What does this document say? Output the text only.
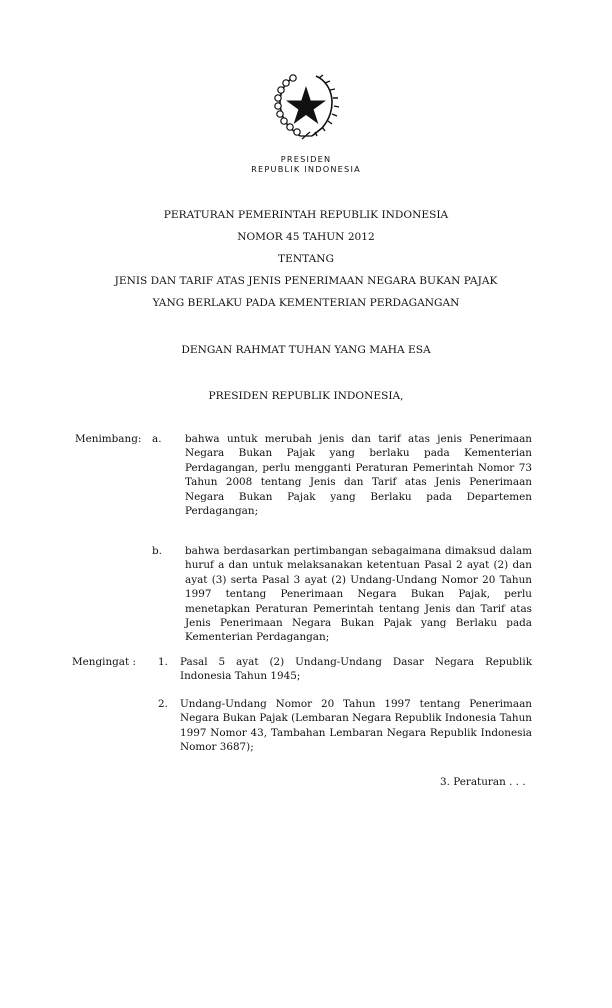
PRESIDEN
REPUBLIK INDONESIA
PERATURAN PEMERINTAH REPUBLIK INDONESIA
NOMOR 45 TAHUN 2012
TENTANG
JENIS DAN TARIF ATAS JENIS PENERIMAAN NEGARA BUKAN PAJAK
YANG BERLAKU PADA KEMENTERIAN PERDAGANGAN
DENGAN RAHMAT TUHAN YANG MAHA ESA
PRESIDEN REPUBLIK INDONESIA,
Menimbang: a. bahwa untuk merubah jenis dan tarif atas jenis Penerimaan Negara Bukan Pajak yang berlaku pada Kementerian Perdagangan, perlu mengganti Peraturan Pemerintah Nomor 73 Tahun 2008 tentang Jenis dan Tarif atas Jenis Penerimaan Negara Bukan Pajak yang Berlaku pada Departemen Perdagangan;
b. bahwa berdasarkan pertimbangan sebagaimana dimaksud dalam huruf a dan untuk melaksanakan ketentuan Pasal 2 ayat (2) dan ayat (3) serta Pasal 3 ayat (2) Undang-Undang Nomor 20 Tahun 1997 tentang Penerimaan Negara Bukan Pajak, perlu menetapkan Peraturan Pemerintah tentang Jenis dan Tarif atas Jenis Penerimaan Negara Bukan Pajak yang Berlaku pada Kementerian Perdagangan;
Mengingat : 1. Pasal 5 ayat (2) Undang-Undang Dasar Negara Republik Indonesia Tahun 1945;
2. Undang-Undang Nomor 20 Tahun 1997 tentang Penerimaan Negara Bukan Pajak (Lembaran Negara Republik Indonesia Tahun 1997 Nomor 43, Tambahan Lembaran Negara Republik Indonesia Nomor 3687);
3. Peraturan . . .
